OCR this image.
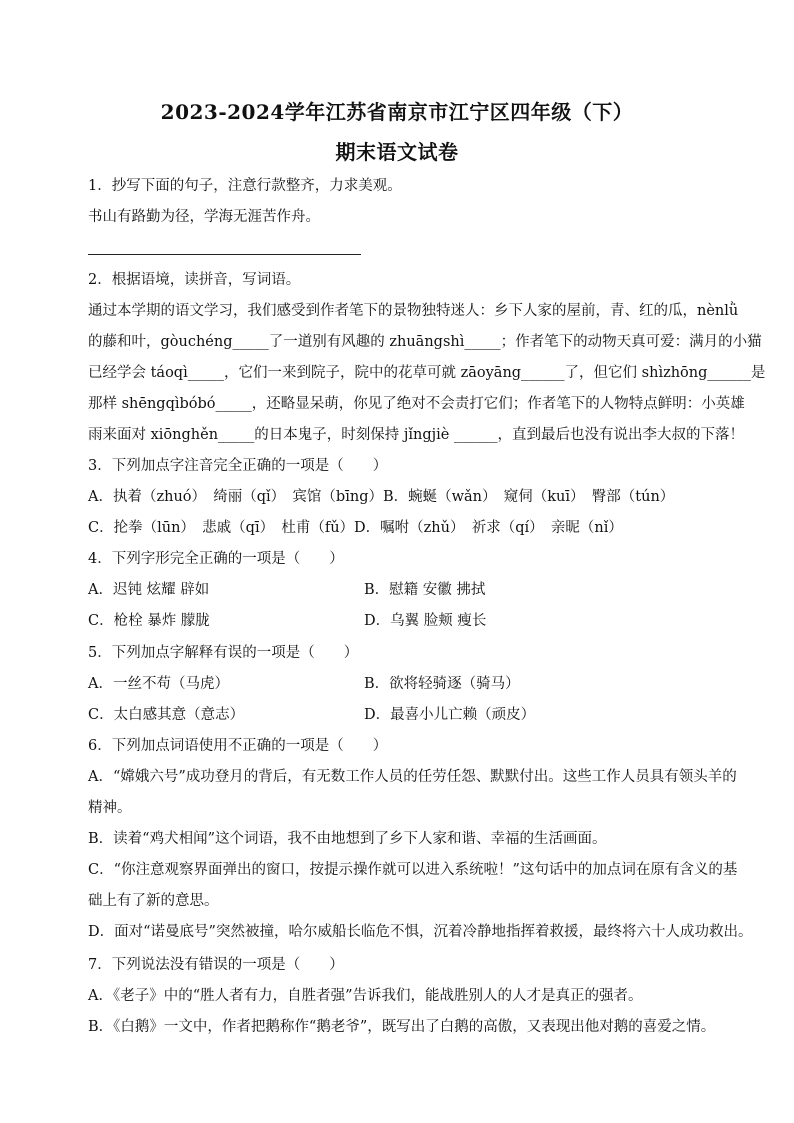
2023-2024学年江苏省南京市江宁区四年级（下）
期末语文试卷
1．抄写下面的句子，注意行款整齐，力求美观。
书山有路勤为径，学海无涯苦作舟。
2．根据语境，读拼音，写词语。
通过本学期的语文学习，我们感受到作者笔下的景物独特迷人：乡下人家的屋前，青、红的瓜，nènlǜ
的藤和叶，gòuchéng_____了一道别有风趣的 zhuāngshì_____；作者笔下的动物天真可爱：满月的小猫
已经学会 táoqì_____，它们一来到院子，院中的花草可就 zāoyāng______了，但它们 shìzhōng______是
那样 shēngqìbóbó_____，还略显呆萌，你见了绝对不会责打它们；作者笔下的人物特点鲜明：小英雄
雨来面对 xiōnghěn_____的日本鬼子，时刻保持 jǐngjiè ______，直到最后也没有说出李大叔的下落！
3．下列加点字注音完全正确的一项是（　　）
A．执着（zhuó）　绮丽（qǐ）　宾馆（bīng）B．蜿蜒（wǎn）　窥伺（kuī）　臀部（tún）
C．抡拳（lūn）　悲戚（qī）　杜甫（fǔ）D．嘱咐（zhǔ）　祈求（qí）　亲昵（nǐ）
4．下列字形完全正确的一项是（　　）
A．迟钝 炫耀 辟如	B．慰籍 安徽 拂拭
C．枪栓 暴炸 朦胧	D．乌翼 脸颊 瘦长
5．下列加点字解释有误的一项是（　　）
A．一丝不苟（马虎）	B．欲将轻骑逐（骑马）
C．太白感其意（意志）	D．最喜小儿亡赖（顽皮）
6．下列加点词语使用不正确的一项是（　　）
A．“嫦娥六号”成功登月的背后，有无数工作人员的任劳任怨、默默付出。这些工作人员具有领头羊的
精神。
B．读着“鸡犬相闻”这个词语，我不由地想到了乡下人家和谐、幸福的生活画面。
C．“你注意观察界面弹出的窗口，按提示操作就可以进入系统啦！”这句话中的加点词在原有含义的基
础上有了新的意思。
D．面对“诺曼底号”突然被撞，哈尔威船长临危不惧，沉着冷静地指挥着救援，最终将六十人成功救出。
7．下列说法没有错误的一项是（　　）
A．《老子》中的“胜人者有力，自胜者强”告诉我们，能战胜别人的人才是真正的强者。
B．《白鹅》一文中，作者把鹅称作“鹅老爷”，既写出了白鹅的高傲，又表现出他对鹅的喜爱之情。
